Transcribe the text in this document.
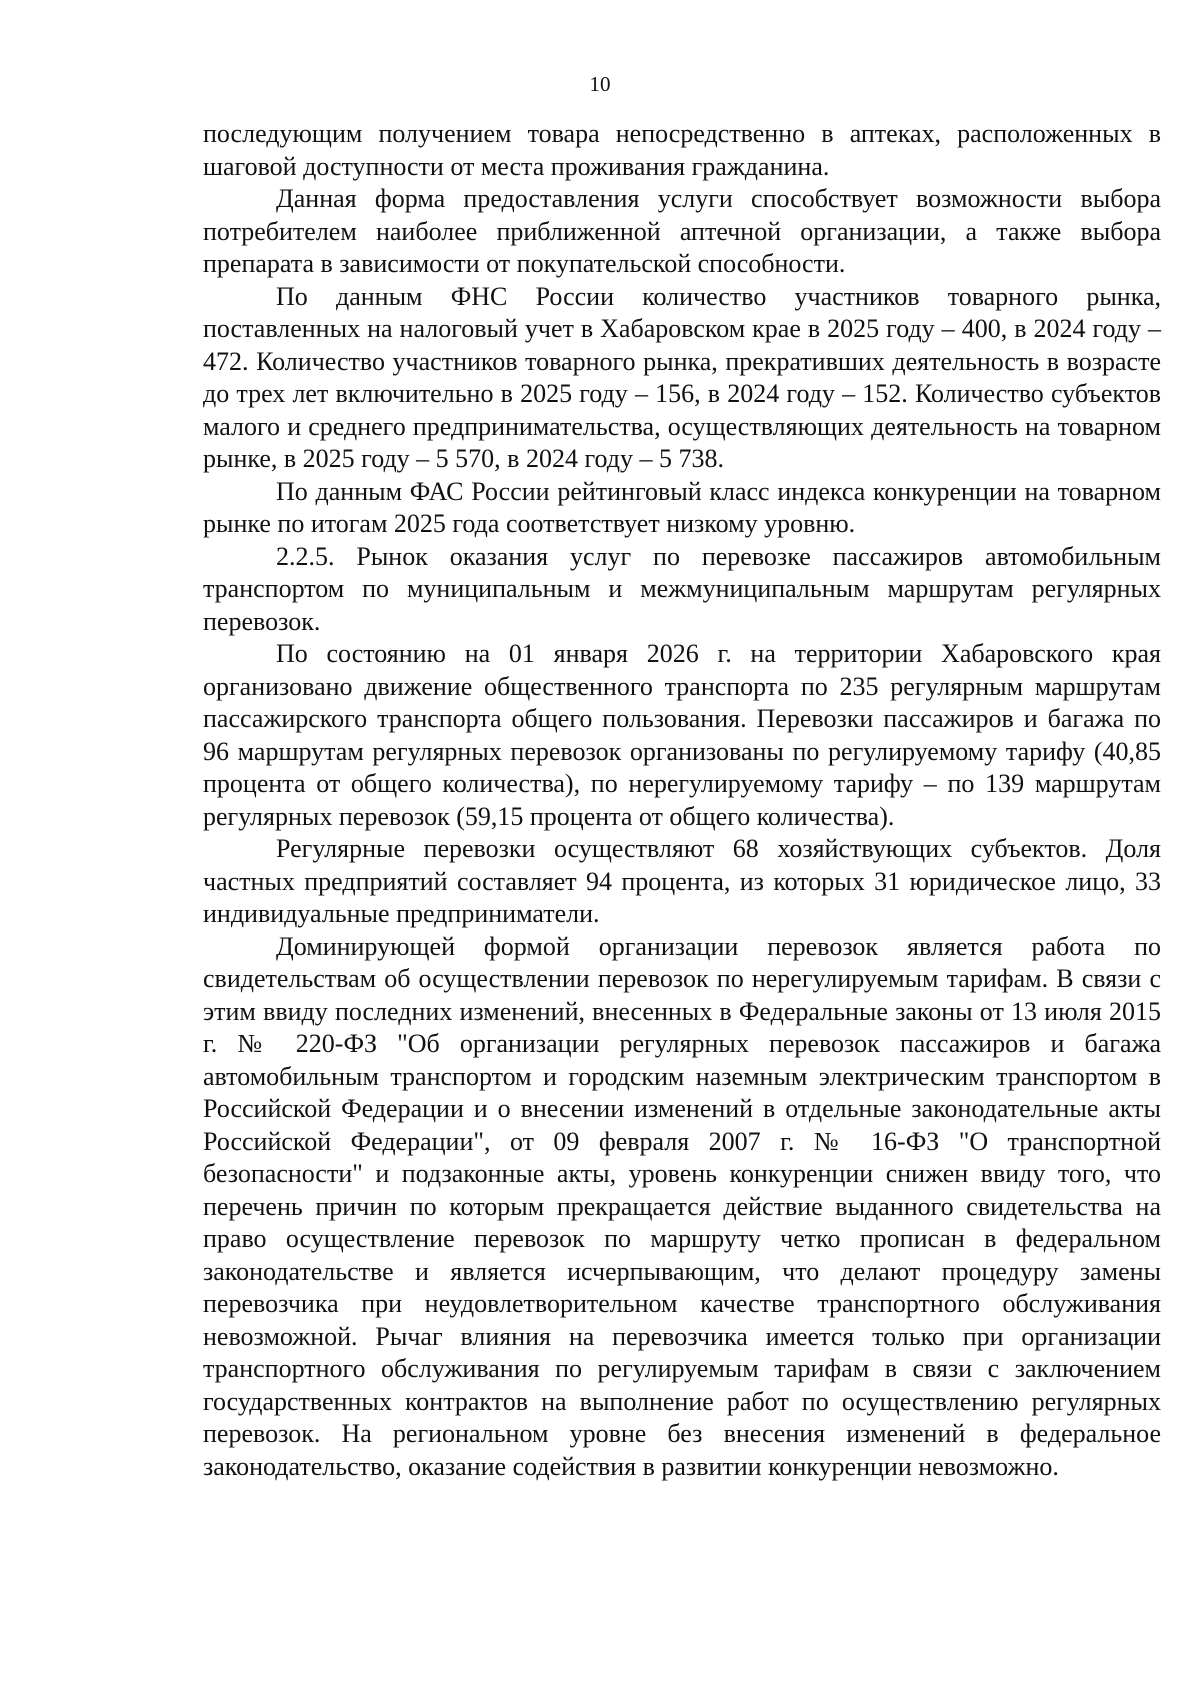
10

последующим получением товара непосредственно в аптеках, расположенных в шаговой доступности от места проживания гражданина.

Данная форма предоставления услуги способствует возможности выбора потребителем наиболее приближенной аптечной организации, а также выбора препарата в зависимости от покупательской способности.

По данным ФНС России количество участников товарного рынка, поставленных на налоговый учет в Хабаровском крае в 2025 году – 400, в 2024 году – 472. Количество участников товарного рынка, прекративших деятельность в возрасте до трех лет включительно в 2025 году – 156, в 2024 году – 152. Количество субъектов малого и среднего предпринимательства, осуществляющих деятельность на товарном рынке, в 2025 году – 5 570, в 2024 году – 5 738.

По данным ФАС России рейтинговый класс индекса конкуренции на товарном рынке по итогам 2025 года соответствует низкому уровню.

2.2.5. Рынок оказания услуг по перевозке пассажиров автомобильным транспортом по муниципальным и межмуниципальным маршрутам регулярных перевозок.

По состоянию на 01 января 2026 г. на территории Хабаровского края организовано движение общественного транспорта по 235 регулярным маршрутам пассажирского транспорта общего пользования. Перевозки пассажиров и багажа по 96 маршрутам регулярных перевозок организованы по регулируемому тарифу (40,85 процента от общего количества), по нерегулируемому тарифу – по 139 маршрутам регулярных перевозок (59,15 процента от общего количества).

Регулярные перевозки осуществляют 68 хозяйствующих субъектов. Доля частных предприятий составляет 94 процента, из которых 31 юридическое лицо, 33 индивидуальные предприниматели.

Доминирующей формой организации перевозок является работа по свидетельствам об осуществлении перевозок по нерегулируемым тарифам. В связи с этим ввиду последних изменений, внесенных в Федеральные законы от 13 июля 2015 г. № 220-ФЗ "Об организации регулярных перевозок пассажиров и багажа автомобильным транспортом и городским наземным электрическим транспортом в Российской Федерации и о внесении изменений в отдельные законодательные акты Российской Федерации", от 09 февраля 2007 г. № 16-ФЗ "О транспортной безопасности" и подзаконные акты, уровень конкуренции снижен ввиду того, что перечень причин по которым прекращается действие выданного свидетельства на право осуществление перевозок по маршруту четко прописан в федеральном законодательстве и является исчерпывающим, что делают процедуру замены перевозчика при неудовлетворительном качестве транспортного обслуживания невозможной. Рычаг влияния на перевозчика имеется только при организации транспортного обслуживания по регулируемым тарифам в связи с заключением государственных контрактов на выполнение работ по осуществлению регулярных перевозок. На региональном уровне без внесения изменений в федеральное законодательство, оказание содействия в развитии конкуренции невозможно.
